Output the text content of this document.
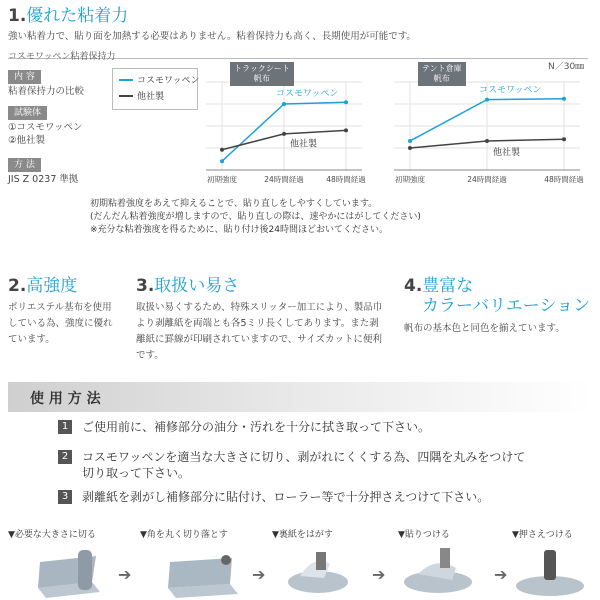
1.優れた粘着力
強い粘着力で、貼り面を加熱する必要はありません。粘着保持力も高く、長期使用が可能です。
コスモワッペン粘着保持力
N／30㎜
内 容
粘着保持力の比較
試験体
①コスモワッペン
②他社製
方 法
JIS Z 0237 準拠
コスモワッペン
他社製
初期強度	24時間経過	48時間経過
コスモワッペン
他社製
トラックシート
帆布
初期強度	24時間経過	48時間経過
コスモワッペン
他社製
テント倉庫
帆布
初期粘着強度をあえて抑えることで、貼り直しをしやすくしています。
(だんだん粘着強度が増しますので、貼り直しの際は、速やかにはがしてください)
※充分な粘着強度を得るために、貼り付け後24時間ほどおいてください。
2.高強度
ポリエステル基布を使用している為、強度に優れています。
3.取扱い易さ
取扱い易くするため、特殊スリッター加工により、製品巾より剥離紙を両端とも各5ミリ長くしてあります。また剥離紙に罫線が印刷されていますので、サイズカットに便利です。
4.豊富な
カラーバリエーション
帆布の基本色と同色を揃えています。
使 用 方 法
1	ご使用前に、補修部分の油分・汚れを十分に拭き取って下さい。
2	コスモワッペンを適当な大きさに切り、剥がれにくくする為、四隅を丸みをつけて
切り取って下さい。
3	剥離紙を剥がし補修部分に貼付け、ローラー等で十分押さえつけて下さい。
▼必要な大きさに切る	▼角を丸く切り落とす	▼裏紙をはがす	▼貼りつける	▼押さえつける
➔	➔	➔	➔
